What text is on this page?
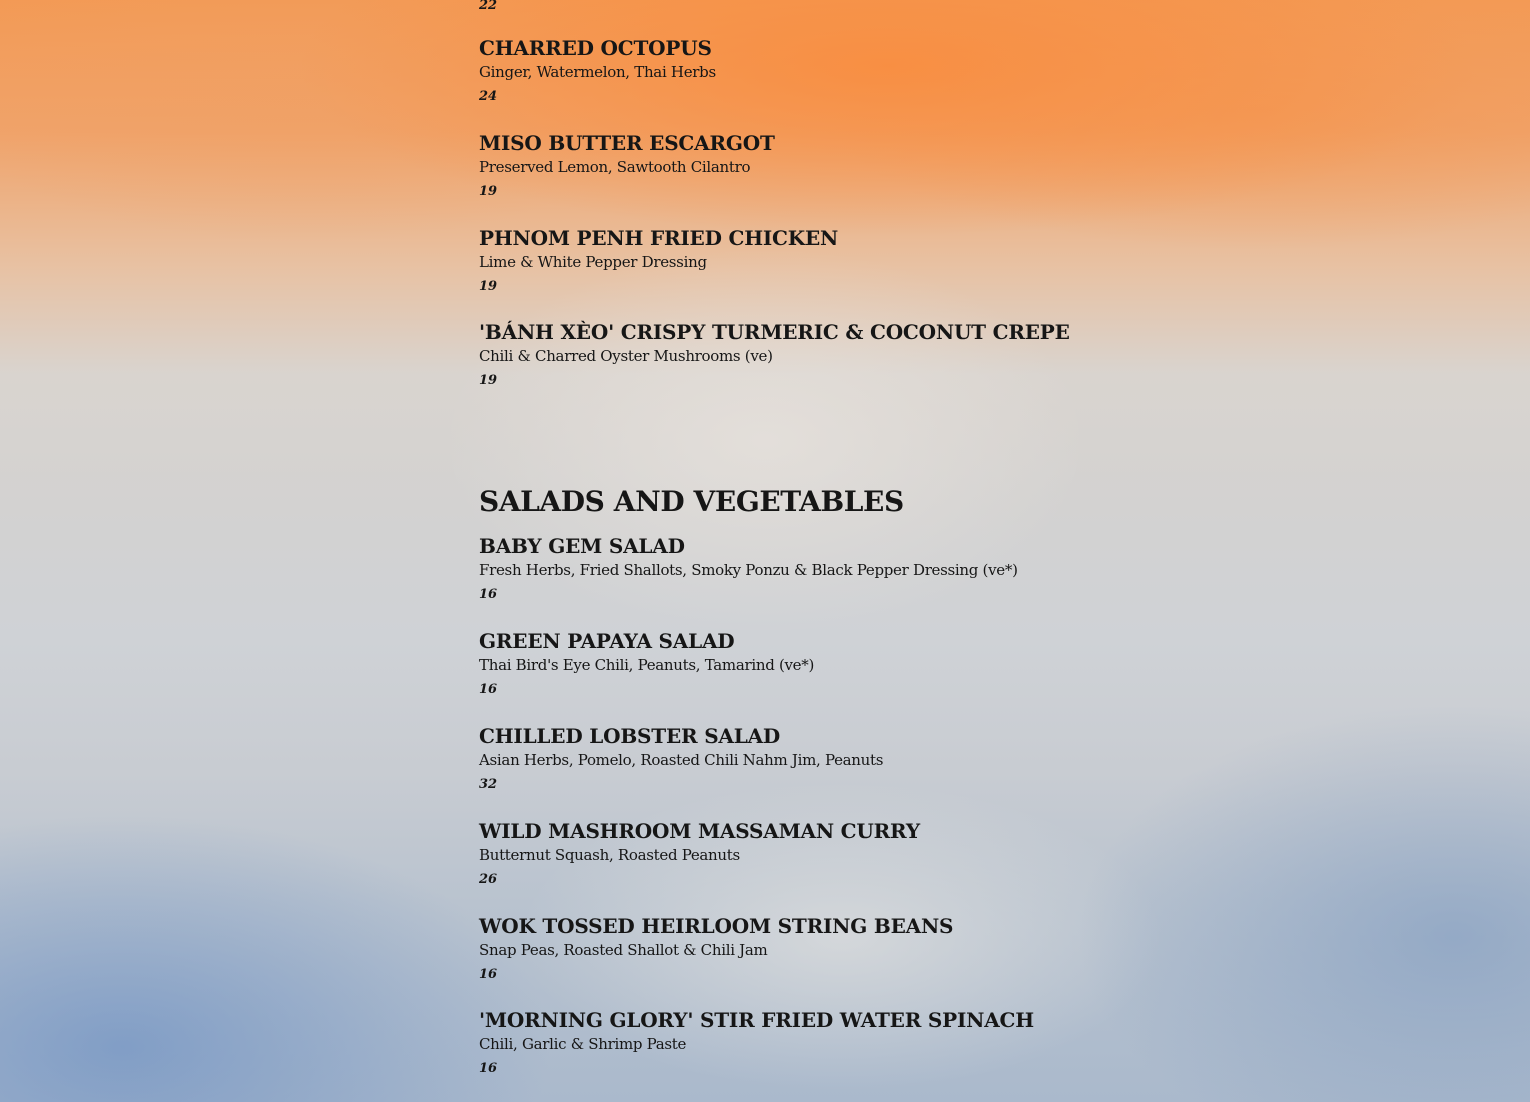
22
CHARRED OCTOPUS
Ginger, Watermelon, Thai Herbs
24
MISO BUTTER ESCARGOT
Preserved Lemon, Sawtooth Cilantro
19
PHNOM PENH FRIED CHICKEN
Lime & White Pepper Dressing
19
'BÁNH XÈO' CRISPY TURMERIC & COCONUT CREPE
Chili & Charred Oyster Mushrooms (ve)
19
SALADS AND VEGETABLES
BABY GEM SALAD
Fresh Herbs, Fried Shallots, Smoky Ponzu & Black Pepper Dressing (ve*)
16
GREEN PAPAYA SALAD
Thai Bird's Eye Chili, Peanuts, Tamarind (ve*)
16
CHILLED LOBSTER SALAD
Asian Herbs, Pomelo, Roasted Chili Nahm Jim, Peanuts
32
WILD MASHROOM MASSAMAN CURRY
Butternut Squash, Roasted Peanuts
26
WOK TOSSED HEIRLOOM STRING BEANS
Snap Peas, Roasted Shallot & Chili Jam
16
'MORNING GLORY' STIR FRIED WATER SPINACH
Chili, Garlic & Shrimp Paste
16
